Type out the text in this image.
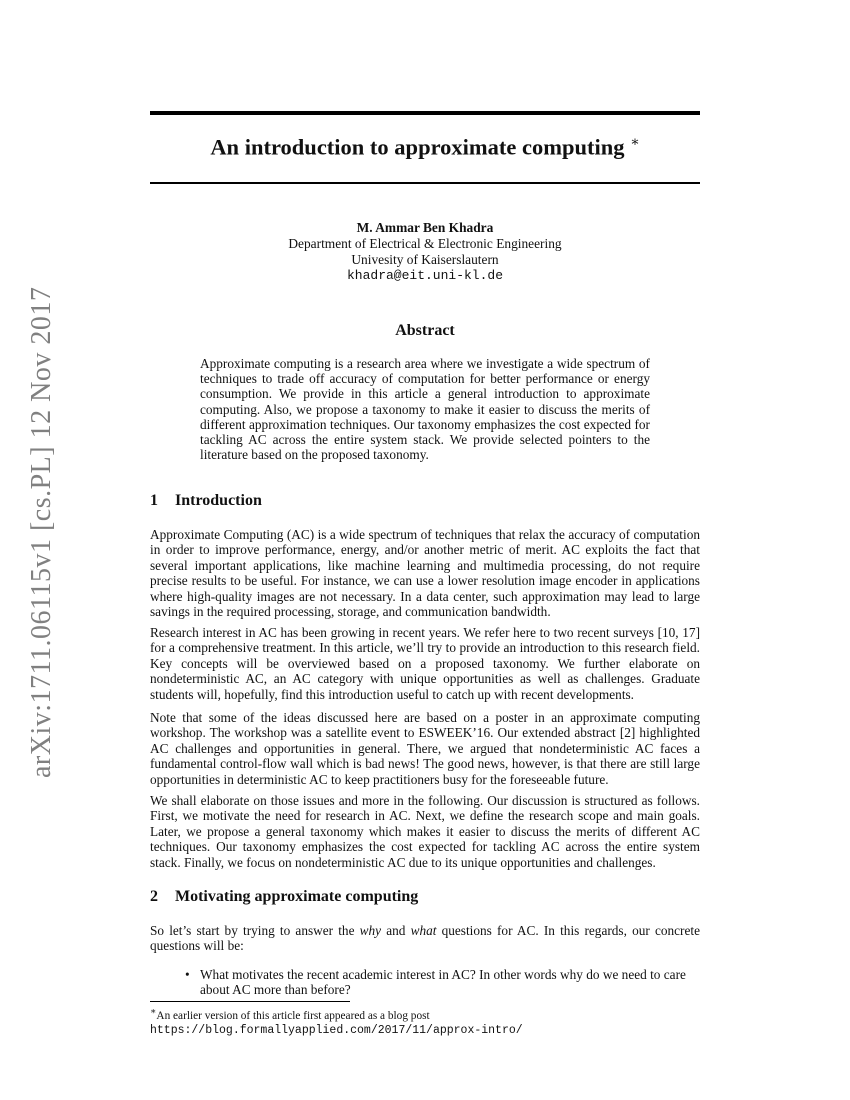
arXiv:1711.06115v1 [cs.PL] 12 Nov 2017
An introduction to approximate computing ∗
M. Ammar Ben Khadra
Department of Electrical & Electronic Engineering
Univesity of Kaiserslautern
khadra@eit.uni-kl.de
Abstract

Approximate computing is a research area where we investigate a wide spectrum of techniques to trade off accuracy of computation for better performance or energy consumption. We provide in this article a general introduction to approximate computing. Also, we propose a taxonomy to make it easier to discuss the merits of different approximation techniques. Our taxonomy emphasizes the cost expected for tackling AC across the entire system stack. We provide selected pointers to the literature based on the proposed taxonomy.

1 Introduction

Approximate Computing (AC) is a wide spectrum of techniques that relax the accuracy of computation in order to improve performance, energy, and/or another metric of merit. AC exploits the fact that several important applications, like machine learning and multimedia processing, do not require precise results to be useful. For instance, we can use a lower resolution image encoder in applications where high-quality images are not necessary. In a data center, such approximation may lead to large savings in the required processing, storage, and communication bandwidth.

Research interest in AC has been growing in recent years. We refer here to two recent surveys [10, 17] for a comprehensive treatment. In this article, we’ll try to provide an introduction to this research field. Key concepts will be overviewed based on a proposed taxonomy. We further elaborate on nondeterministic AC, an AC category with unique opportunities as well as challenges. Graduate students will, hopefully, find this introduction useful to catch up with recent developments.

Note that some of the ideas discussed here are based on a poster in an approximate computing workshop. The workshop was a satellite event to ESWEEK’16. Our extended abstract [2] highlighted AC challenges and opportunities in general. There, we argued that nondeterministic AC faces a fundamental control-flow wall which is bad news! The good news, however, is that there are still large opportunities in deterministic AC to keep practitioners busy for the foreseeable future.

We shall elaborate on those issues and more in the following. Our discussion is structured as follows. First, we motivate the need for research in AC. Next, we define the research scope and main goals. Later, we propose a general taxonomy which makes it easier to discuss the merits of different AC techniques. Our taxonomy emphasizes the cost expected for tackling AC across the entire system stack. Finally, we focus on nondeterministic AC due to its unique opportunities and challenges.

2 Motivating approximate computing

So let’s start by trying to answer the why and what questions for AC. In this regards, our concrete questions will be:

• What motivates the recent academic interest in AC? In other words why do we need to care about AC more than before?

∗An earlier version of this article first appeared as a blog post https://blog.formallyapplied.com/2017/11/approx-intro/
